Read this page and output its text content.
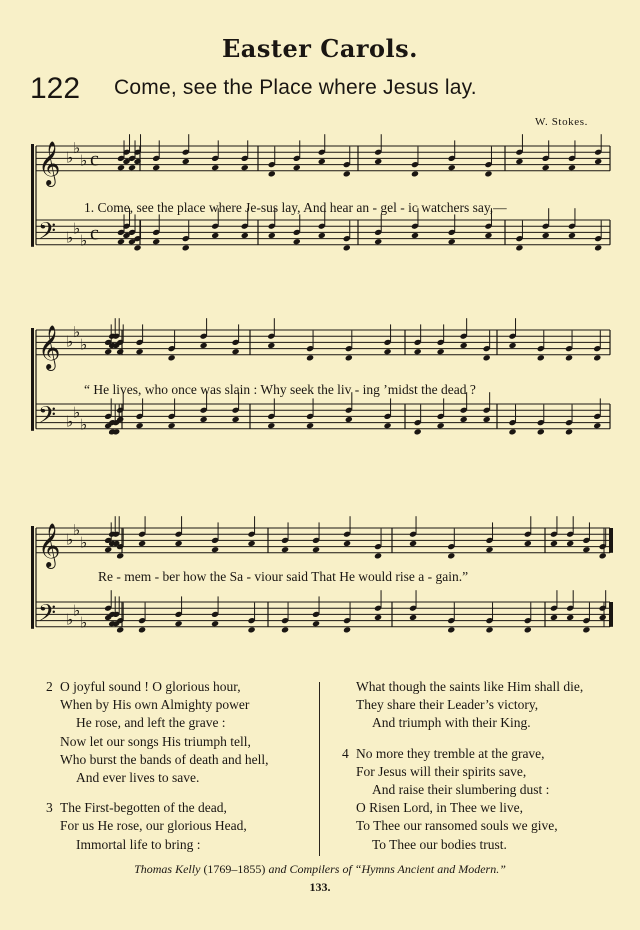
Easter Carols.
122 Come, see the Place where Jesus lay.
W. Stokes.
𝄞
𝄢
♭
♭
♭
♭
♭
♭
c
c
1. Come, see the place where Je-sus lay, And hear an - gel - ic watchers say,—
𝄞
𝄢
♭
♭
♭
♭
♭
♭
“ He lives, who once was slain : Why seek the liv - ing ’midst the dead ?
𝄞
𝄢
♭
♭
♭
♭
♭
♭
Re - mem - ber how the Sa - viour said That He would rise a - gain.”
2 O joyful sound ! O glorious hour,
When by His own Almighty power
He rose, and left the grave :
Now let our songs His triumph tell,
Who burst the bands of death and hell,
And ever lives to save.
3 The First-begotten of the dead,
For us He rose, our glorious Head,
Immortal life to bring :
What though the saints like Him shall die,
They share their Leader’s victory,
And triumph with their King.
4 No more they tremble at the grave,
For Jesus will their spirits save,
And raise their slumbering dust :
O Risen Lord, in Thee we live,
To Thee our ransomed souls we give,
To Thee our bodies trust.
Thomas Kelly (1769–1855) and Compilers of “Hymns Ancient and Modern.”
133.
